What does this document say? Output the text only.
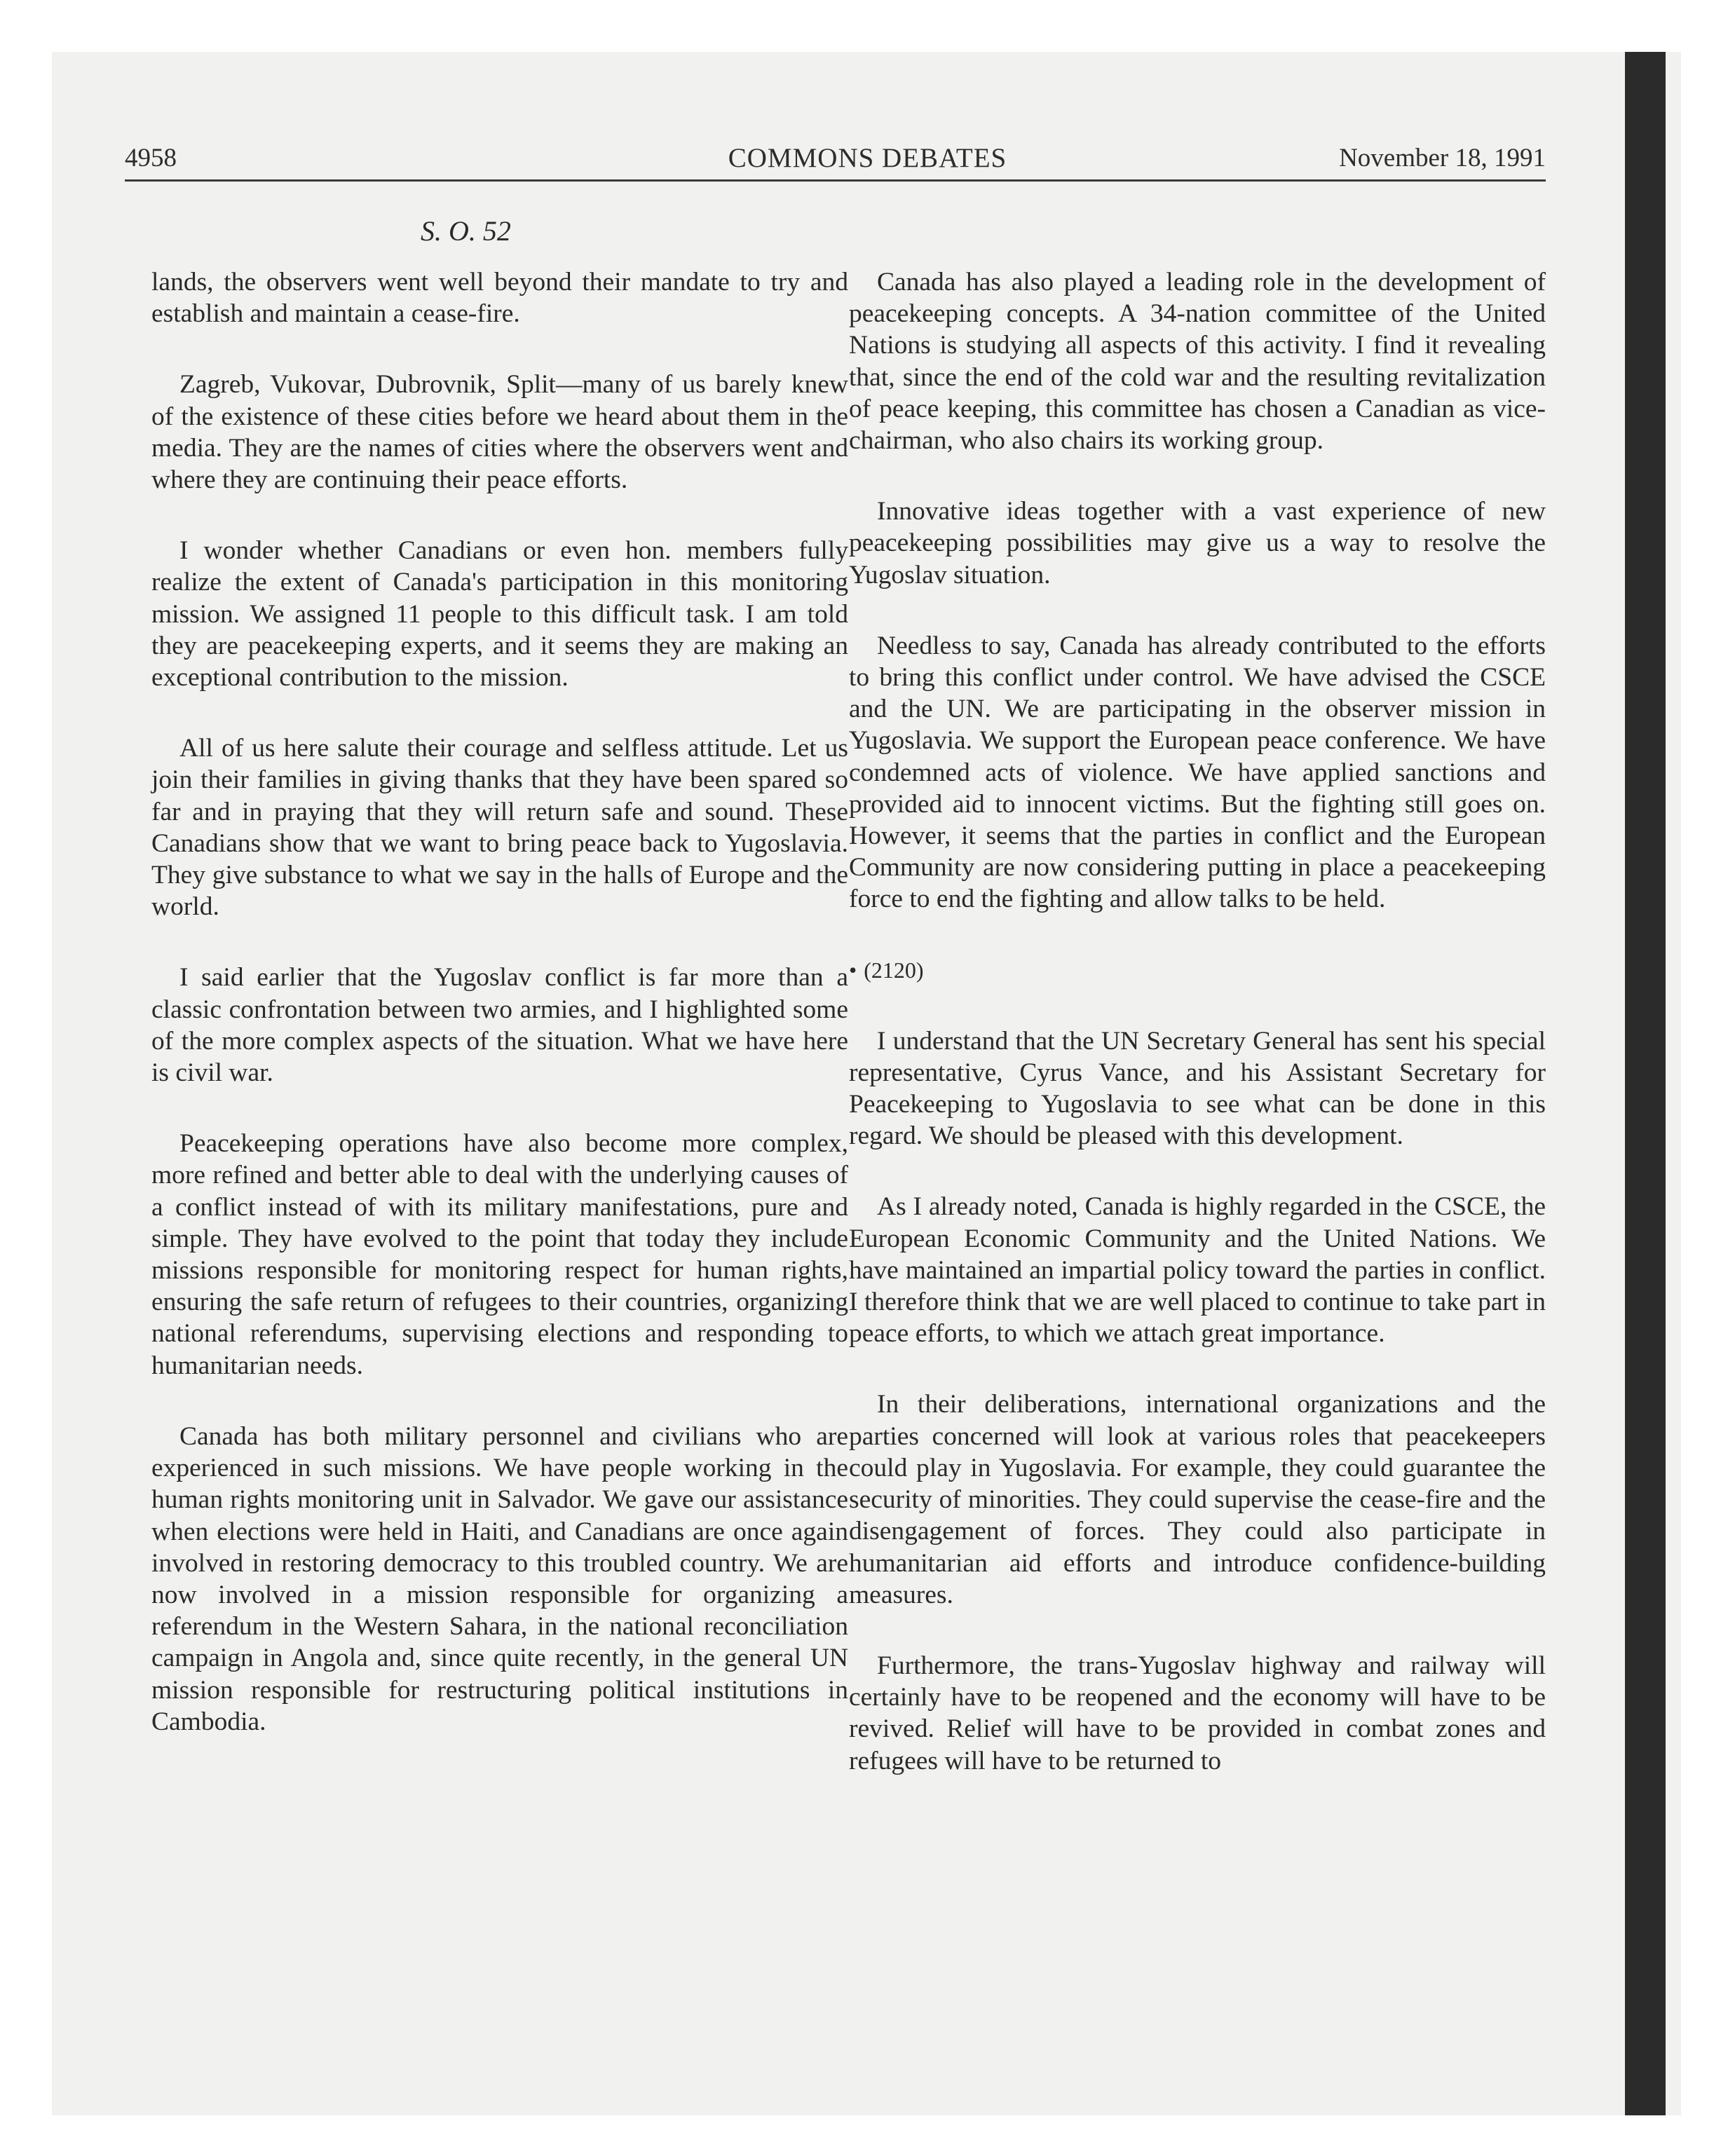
4958	COMMONS DEBATES	November 18, 1991
S. O. 52

lands, the observers went well beyond their mandate to try and establish and maintain a cease-fire.

Zagreb, Vukovar, Dubrovnik, Split—many of us barely knew of the existence of these cities before we heard about them in the media. They are the names of cities where the observers went and where they are continuing their peace efforts.

I wonder whether Canadians or even hon. members fully realize the extent of Canada's participation in this monitoring mission. We assigned 11 people to this difficult task. I am told they are peacekeeping experts, and it seems they are making an exceptional contribution to the mission.

All of us here salute their courage and selfless attitude. Let us join their families in giving thanks that they have been spared so far and in praying that they will return safe and sound. These Canadians show that we want to bring peace back to Yugoslavia. They give substance to what we say in the halls of Europe and the world.

I said earlier that the Yugoslav conflict is far more than a classic confrontation between two armies, and I highlighted some of the more complex aspects of the situation. What we have here is civil war.

Peacekeeping operations have also become more complex, more refined and better able to deal with the underlying causes of a conflict instead of with its military manifestations, pure and simple. They have evolved to the point that today they include missions responsible for monitoring respect for human rights, ensuring the safe return of refugees to their countries, organizing national referendums, supervising elections and responding to humanitarian needs.

Canada has both military personnel and civilians who are experienced in such missions. We have people working in the human rights monitoring unit in Salvador. We gave our assistance when elections were held in Haiti, and Canadians are once again involved in restoring democracy to this troubled country. We are now involved in a mission responsible for organizing a referendum in the Western Sahara, in the national reconciliation campaign in Angola and, since quite recently, in the general UN mission responsible for restructuring political institutions in Cambodia.

Canada has also played a leading role in the development of peacekeeping concepts. A 34-nation committee of the United Nations is studying all aspects of this activity. I find it revealing that, since the end of the cold war and the resulting revitalization of peace keeping, this committee has chosen a Canadian as vice-chairman, who also chairs its working group.

Innovative ideas together with a vast experience of new peacekeeping possibilities may give us a way to resolve the Yugoslav situation.

Needless to say, Canada has already contributed to the efforts to bring this conflict under control. We have advised the CSCE and the UN. We are participating in the observer mission in Yugoslavia. We support the European peace conference. We have condemned acts of violence. We have applied sanctions and provided aid to innocent victims. But the fighting still goes on. However, it seems that the parties in conflict and the European Community are now considering putting in place a peacekeeping force to end the fighting and allow talks to be held.

• (2120)

I understand that the UN Secretary General has sent his special representative, Cyrus Vance, and his Assistant Secretary for Peacekeeping to Yugoslavia to see what can be done in this regard. We should be pleased with this development.

As I already noted, Canada is highly regarded in the CSCE, the European Economic Community and the United Nations. We have maintained an impartial policy toward the parties in conflict. I therefore think that we are well placed to continue to take part in peace efforts, to which we attach great importance.

In their deliberations, international organizations and the parties concerned will look at various roles that peacekeepers could play in Yugoslavia. For example, they could guarantee the security of minorities. They could supervise the cease-fire and the disengagement of forces. They could also participate in humanitarian aid efforts and introduce confidence-building measures.

Furthermore, the trans-Yugoslav highway and railway will certainly have to be reopened and the economy will have to be revived. Relief will have to be provided in combat zones and refugees will have to be returned to
